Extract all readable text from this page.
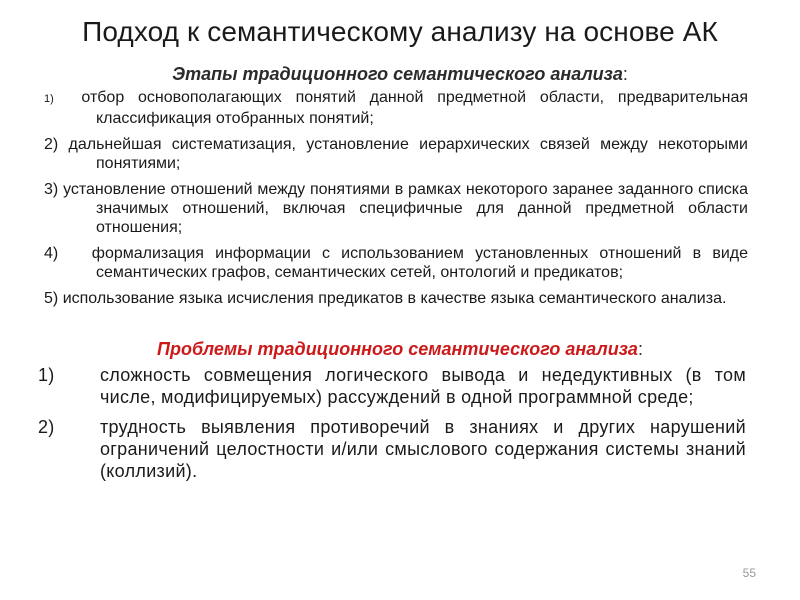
Подход к семантическому анализу на основе АК
Этапы традиционного семантического анализа:
1) отбор основополагающих понятий данной предметной области, предварительная классификация отобранных понятий;
2) дальнейшая систематизация, установление иерархических связей между некоторыми понятиями;
3) установление отношений между понятиями в рамках некоторого заранее заданного списка значимых отношений, включая специфичные для данной предметной области отношения;
4) формализация информации с использованием установленных отношений в виде семантических графов, семантических сетей, онтологий и предикатов;
5) использование языка исчисления предикатов в качестве языка семантического анализа.
Проблемы традиционного семантического анализа:
1)	сложность совмещения логического вывода и недедуктивных (в том числе, модифицируемых) рассуждений в одной программной среде;
2)	трудность выявления противоречий в знаниях и других нарушений ограничений целостности и/или смыслового содержания системы знаний (коллизий).
55
